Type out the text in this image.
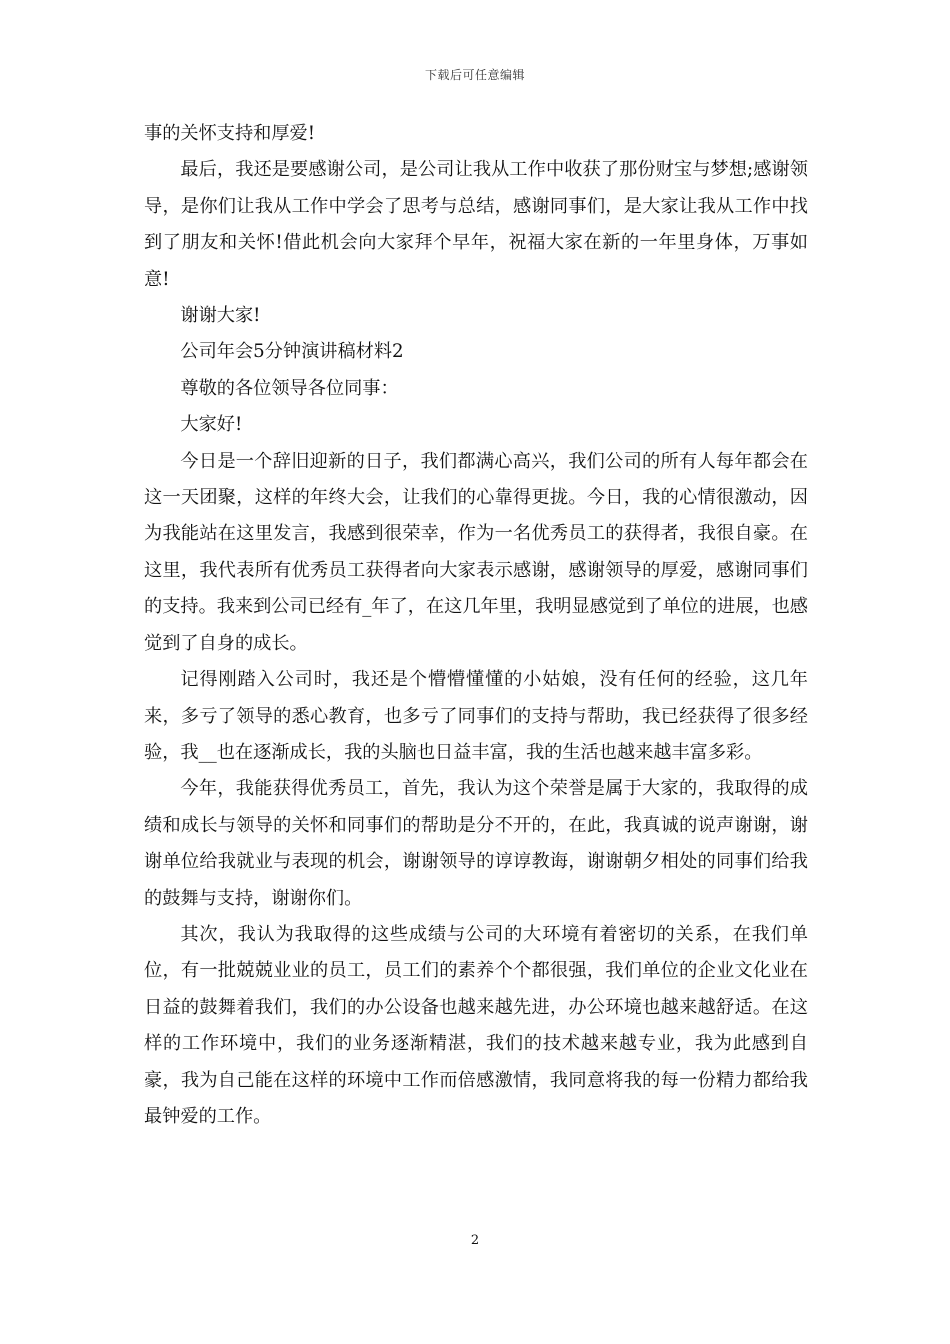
下载后可任意编辑

事的关怀支持和厚爱!

最后，我还是要感谢公司，是公司让我从工作中收获了那份财宝与梦想;感谢领导，是你们让我从工作中学会了思考与总结，感谢同事们，是大家让我从工作中找到了朋友和关怀!借此机会向大家拜个早年，祝福大家在新的一年里身体，万事如意!

谢谢大家!

公司年会5分钟演讲稿材料2

尊敬的各位领导各位同事：

大家好!

今日是一个辞旧迎新的日子，我们都满心高兴，我们公司的所有人每年都会在这一天团聚，这样的年终大会，让我们的心靠得更拢。今日，我的心情很激动，因为我能站在这里发言，我感到很荣幸，作为一名优秀员工的获得者，我很自豪。在这里，我代表所有优秀员工获得者向大家表示感谢，感谢领导的厚爱，感谢同事们的支持。我来到公司已经有_年了，在这几年里，我明显感觉到了单位的进展，也感觉到了自身的成长。

记得刚踏入公司时，我还是个懵懵懂懂的小姑娘，没有任何的经验，这几年来，多亏了领导的悉心教育，也多亏了同事们的支持与帮助，我已经获得了很多经验，我__也在逐渐成长，我的头脑也日益丰富，我的生活也越来越丰富多彩。

今年，我能获得优秀员工，首先，我认为这个荣誉是属于大家的，我取得的成绩和成长与领导的关怀和同事们的帮助是分不开的，在此，我真诚的说声谢谢，谢谢单位给我就业与表现的机会，谢谢领导的谆谆教诲，谢谢朝夕相处的同事们给我的鼓舞与支持，谢谢你们。

其次，我认为我取得的这些成绩与公司的大环境有着密切的关系，在我们单位，有一批兢兢业业的员工，员工们的素养个个都很强，我们单位的企业文化业在日益的鼓舞着我们，我们的办公设备也越来越先进，办公环境也越来越舒适。在这样的工作环境中，我们的业务逐渐精湛，我们的技术越来越专业，我为此感到自豪，我为自己能在这样的环境中工作而倍感激情，我同意将我的每一份精力都给我最钟爱的工作。

2
